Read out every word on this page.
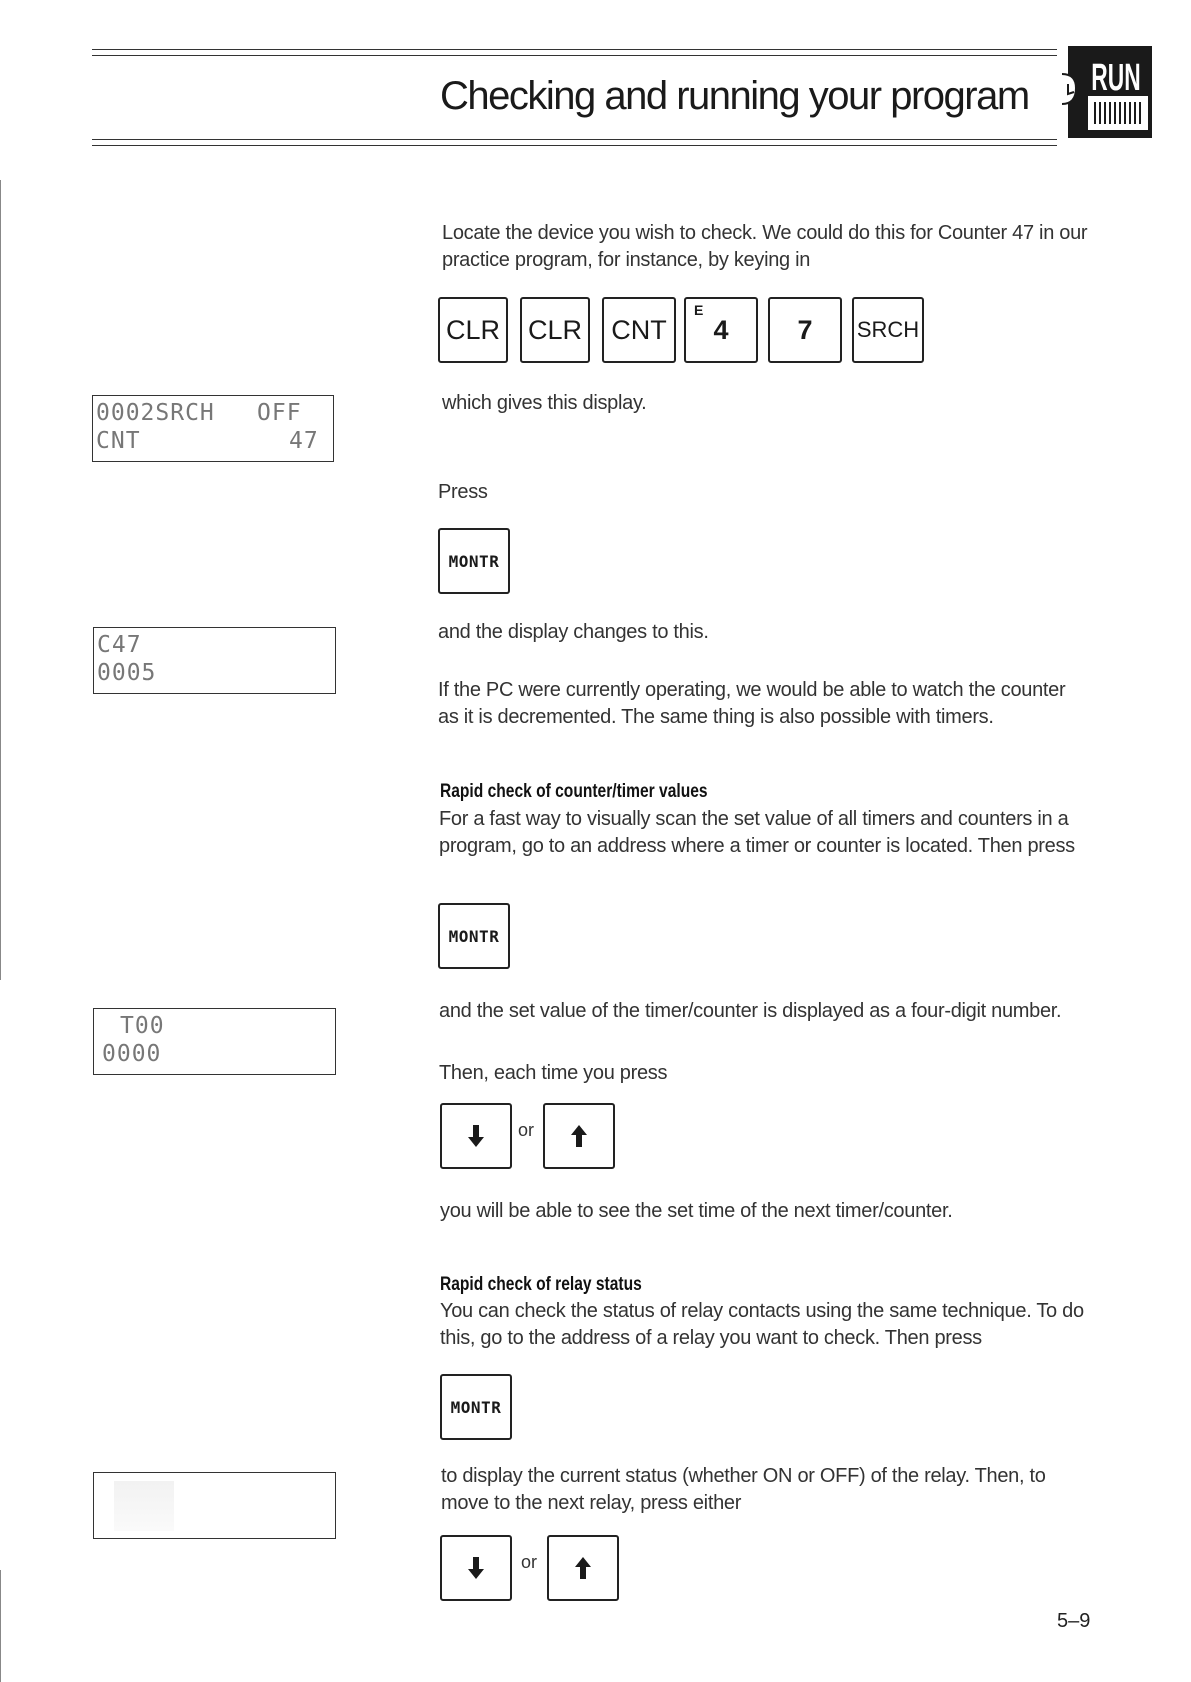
Checking and running your program RUN
Locate the device you wish to check. We could do this for Counter 47 in our practice program, for instance, by keying in
CLR CLR CNT
E
4	7 SRCH
which gives this display.
0002SRCH OFF
CNT	47
Press
MONTR
and the display changes to this.
C47
0005
If the PC were currently operating, we would be able to watch the counter as it is decremented. The same thing is also possible with timers.
Rapid check of counter/timer values
For a fast way to visually scan the set value of all timers and counters in a program, go to an address where a timer or counter is located. Then press
MONTR
and the set value of the timer/counter is displayed as a four-digit number.
T00
0000
Then, each time you press
or
you will be able to see the set time of the next timer/counter.
Rapid check of relay status
You can check the status of relay contacts using the same technique. To do this, go to the address of a relay you want to check. Then press
MONTR
to display the current status (whether ON or OFF) of the relay. Then, to move to the next relay, press either
or
5–9
